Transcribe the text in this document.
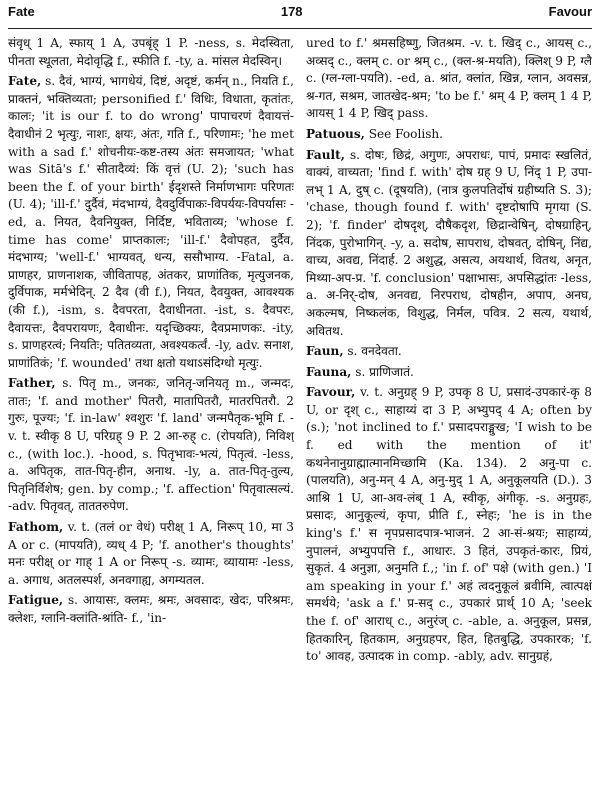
Fate	178	Favour

संवृध् 1 A, स्फाय् 1 A, उपबृंह् 1 P. -ness, s. मेदस्विता, पीनता स्थूलता, मेदोवृद्धि f., स्फीति f. -ty, a. मांसल मेदस्विन्।

Fate, s. दैवं, भाग्यं, भागधेयं, दिष्टं, अदृष्टं, कर्मन् n., नियति f., प्राक्तनं, भक्तिव्यता; personified f.' विधिः, विधाता, कृतांतः, कालः; 'it is our f. to do wrong' पापाचरणं दैवायत्तं-दैवाधीनं 2 भृत्युः, नाशः, क्षयः, अंतः, गति f., परिणामः; 'he met with a sad f.' शोचनीयः-कष्ट-तस्य अंतः समजायत; 'what was Sitā's f.' सीतादैव्यं: किं वृत्तं (U. 2); 'such has been the f. of your birth' ईदृशस्ते निर्माणभागः परिणतः (U. 4); 'ill-f.' दुर्दैवं, मंदभाग्यं, दैवदुर्विपाकः-विपर्ययः-विपर्यासः -ed, a. नियत, दैवनियुक्त, निर्दिष्ट, भविताव्य; 'whose f. time has come' प्राप्तकालः; 'ill-f.' दैवोपहत, दुर्दैव, मंदभाग्य; 'well-f.' भाग्यवत्, धन्य, ससौभाग्य. -Fatal, a. प्राणहर, प्राणनाशक, जीवितापह, अंतकर, प्राणांतिक, मृत्युजनक, दुर्विपाक, मर्मभेदिन्. 2 दैव (वी f.), नियत, दैवयुक्त, आवश्यक (की f.), -ism, s. दैवपरता, दैवाधीनता. -ist, s. दैवपरः, दैवायत्तः, दैवपरायणः, दैवाधीनः. यदृच्छिक्यः, दैवप्रमाणकः. -ity, s. प्राणहरत्वं; नियतिः; पतितव्यता, अवश्यकर्त्वं. -ly, adv. सनाश, प्राणांतिकं; 'f. wounded' तथा क्षतो यथाऽसंदिग्धो मृत्युः.

Father, s. पितृ m., जनकः, जनितृ-जनियतृ m., जन्मदः, तातः; 'f. and mother' पितरौ, मातापितरौ, मातरपितरौ. 2 गुरुः, पूज्यः; 'f. in-law' श्वशुरः 'f. land' जन्मपैतृक-भूमि f. -v. t. स्वीकृ 8 U, परिग्रह् 9 P. 2 आ-रुह् c. (रोपयति), निविश् c., (with loc.). -hood, s. पितृभावः-भत्यं, पितृत्वं. -less, a. अपितृक, तात-पितृ-हीन, अनाथ. -ly, a. तात-पितृ-तुल्य, पितृनिर्विशेष; gen. by comp.; 'f. affection' पितृवात्सल्यं. -adv. पितृवत्, ताततरुपेण.

Fathom, v. t. (तलं or वेधं) परीक्ष् 1 A, निरूप् 10, मा 3 A or c. (मापयति), व्यध् 4 P; 'f. another's thoughts' मनः परीक्ष् or गाह् 1 A or निरूप् -s. व्यामः, व्यायामः -less, a. अगाध, अतलस्पर्श, अनवगाह्य, अगम्यतल.

Fatigue, s. आयासः, क्लमः, श्रमः, अवसादः, खेदः, परिश्रमः, क्लेशः, ग्लानि-क्लांति-श्रांति- f., 'in-

ured to f.' श्रमसहिष्णु, जितश्रम. -v. t. खिद् c., आयस् c., अव्सद् c., क्लम् c. or श्रम् c., (क्ल-श्र-मयति), क्लिश् 9 P, ग्लै c. (ग्ल-ग्ला-पयति). -ed, a. श्रांत, क्लांत, खिन्न, ग्लान, अवसन्न, श्र-गत, सश्रम, जातखेद-श्रम; 'to be f.' श्रम् 4 P, क्लम् 1 4 P, आयस् 1 4 P, खिद् pass.

Patuous, See Foolish.

Fault, s. दोषः, छिद्रं, अगुणः, अपराधः, पापं, प्रमादः स्खलितं, वाक्यं, वाच्यता; 'find f. with' दोष ग्रह् 9 U, निंद् 1 P, उपा-लभ् 1 A, दुष् c. (दूषयति), (नात्र कुलपतिर्दोषं ग्रहीष्यति S. 3); 'chase, though found f. with' दृष्टदोषापि मृगया (S. 2); 'f. finder' दोषदृश्, दौषैकदृश, छिद्रान्वेषिन्, दोषग्राहिन्, निंदक, पुरोभागिन्. -y, a. सदोष, सापराध, दोषवत्, दोषिन्, निंद्य, वाच्य, अवद्य, निंदार्ह. 2 अशुद्ध, असत्य, अयथार्थ, वितथ, अनृत, मिथ्या-अप-प्र. 'f. conclusion' पक्षाभासः, अपसिद्धांतः -less, a. अ-निर्-दोष, अनवद्य, निरपराध, दोषहीन, अपाप, अनघ, अकल्मष, निष्कलंक, विशुद्ध, निर्मल, पवित्र. 2 सत्य, यथार्थ, अवितथ.

Faun, s. वनदेवता.

Fauna, s. प्राणिजातं.

Favour, v. t. अनुग्रह् 9 P, उपकृ 8 U, प्रसादं-उपकारं-कृ 8 U, or दृश् c., साहाय्यं दा 3 P, अभ्युपद् 4 A; often by (s.); 'not inclined to f.' प्रसादपराङ्मुख; 'I wish to be f. ed with the mention of it' कथनेनानुग्राह्मात्मानमिच्छामि (Ka. 134). 2 अनु-पा c. (पालयति), अनु-मन् 4 A, अनु-मुद् 1 A, अनुकूलयति (D.). 3 आश्रि 1 U, आ-अव-लंब् 1 A, स्वीकृ, अंगीकृ. -s. अनुग्रहः, प्रसादः, आनुकूल्यं, कृपा, प्रीति f., स्नेहः; 'he is in the king's f.' स नृपप्रसादपात्र-भाजनं. 2 आ-सं-श्रयः; साहाय्यं, नुपालनं, अभ्युपपत्ति f., आधारः. 3 हितं, उपकृतं-कारः, प्रियं, सुकृतं. 4 अनुज्ञा, अनुमति f.,; 'in f. of' पक्षे (with gen.) 'I am speaking in your f.' अहं त्वदनुकूलं ब्रवीमि, त्वात्पक्षं समर्थये; 'ask a f.' प्र-सद् c., उपकारं प्रार्थ् 10 A; 'seek the f. of' आराध् c., अनुरंज् c. -able, a. अनुकूल, प्रसन्न, हितकारिन्, हितकाम, अनुग्रहपर, हित, हितबुद्धि, उपकारक; 'f. to' आवह, उत्पादक in comp. -ably, adv. सानुग्रहं,
